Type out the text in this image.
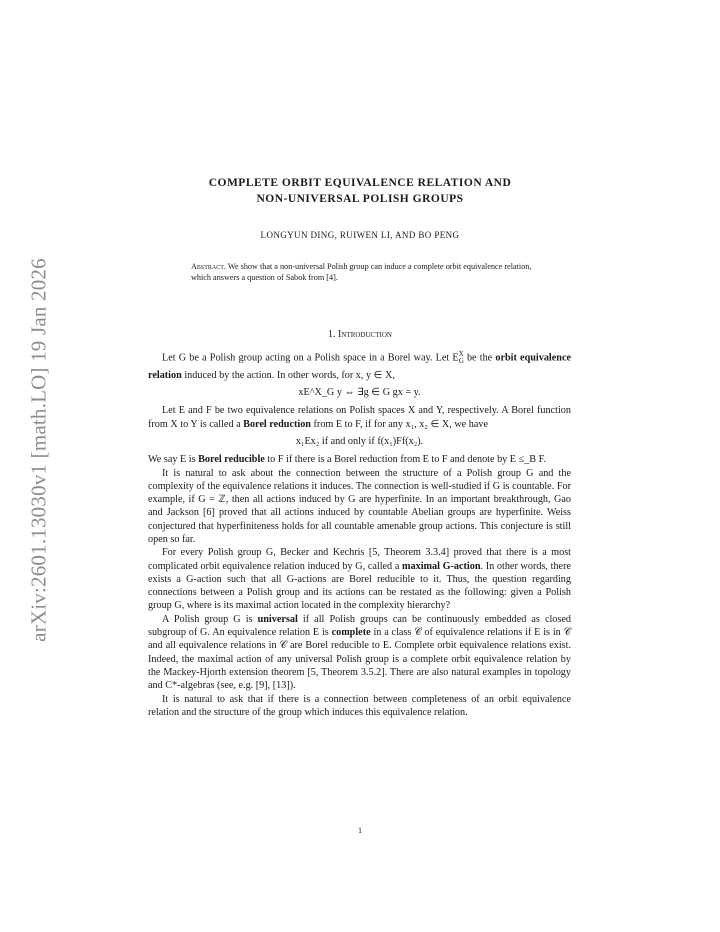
arXiv:2601.13030v1 [math.LO] 19 Jan 2026
COMPLETE ORBIT EQUIVALENCE RELATION AND
NON-UNIVERSAL POLISH GROUPS
LONGYUN DING, RUIWEN LI, AND BO PENG
Abstract. We show that a non-universal Polish group can induce a complete orbit equivalence relation, which answers a question of Sabok from [4].
1. Introduction

Let G be a Polish group acting on a Polish space in a Borel way. Let $E^X_G$ be the orbit equivalence relation induced by the action. In other words, for x, y ∈ X,

xE^X_G y ⇔ ∃g ∈ G gx = y.

Let E and F be two equivalence relations on Polish spaces X and Y, respectively. A Borel function from X to Y is called a Borel reduction from E to F, if for any x₁, x₂ ∈ X, we have

x₁Ex₂ if and only if f(x₁)Ff(x₂).

We say E is Borel reducible to F if there is a Borel reduction from E to F and denote by E ≤_B F.

It is natural to ask about the connection between the structure of a Polish group G and the complexity of the equivalence relations it induces. The connection is well-studied if G is countable. For example, if G = ℤ, then all actions induced by G are hyperfinite. In an important breakthrough, Gao and Jackson [6] proved that all actions induced by countable Abelian groups are hyperfinite. Weiss conjectured that hyperfiniteness holds for all countable amenable group actions. This conjecture is still open so far.

For every Polish group G, Becker and Kechris [5, Theorem 3.3.4] proved that there is a most complicated orbit equivalence relation induced by G, called a maximal G-action. In other words, there exists a G-action such that all G-actions are Borel reducible to it. Thus, the question regarding connections between a Polish group and its actions can be restated as the following: given a Polish group G, where is its maximal action located in the complexity hierarchy?

A Polish group G is universal if all Polish groups can be continuously embedded as closed subgroup of G. An equivalence relation E is complete in a class 𝒞 of equivalence relations if E is in 𝒞 and all equivalence relations in 𝒞 are Borel reducible to E. Complete orbit equivalence relations exist. Indeed, the maximal action of any universal Polish group is a complete orbit equivalence relation by the Mackey-Hjorth extension theorem [5, Theorem 3.5.2]. There are also natural examples in topology and C*-algebras (see, e.g. [9], [13]).

It is natural to ask that if there is a connection between completeness of an orbit equivalence relation and the structure of the group which induces this equivalence relation.

1
